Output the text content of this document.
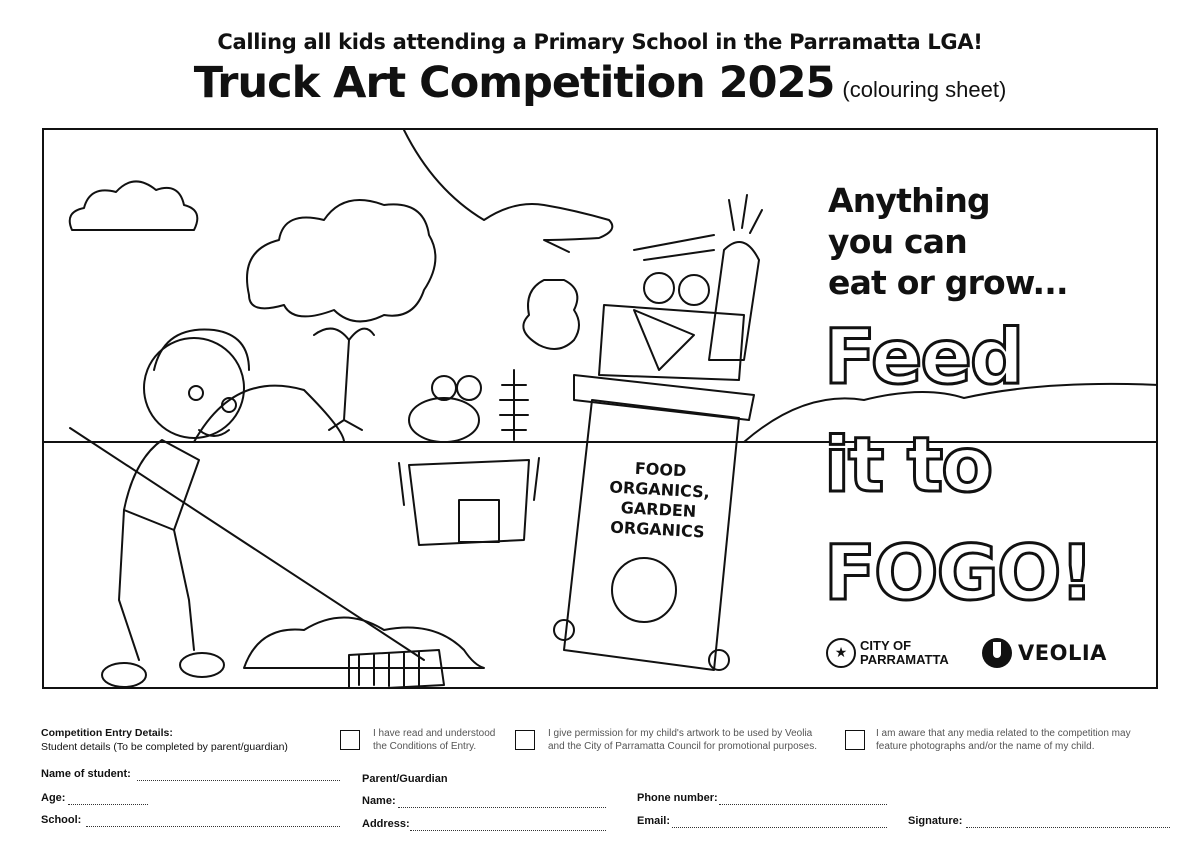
Calling all kids attending a Primary School in the Parramatta LGA!
Truck Art Competition 2025 (colouring sheet)
Anything
you can
eat or grow...
Feed
it to
FOGO!
FOOD
ORGANICS,
GARDEN
ORGANICS
★ CITY OF
PARRAMATTA	VEOLIA
Competition Entry Details:
Student details (To be completed by parent/guardian)
I have read and understood
the Conditions of Entry.
I give permission for my child's artwork to be used by Veolia
and the City of Parramatta Council for promotional purposes.
I am aware that any media related to the competition may
feature photographs and/or the name of my child.
Name of student:
Age:
School:
Parent/Guardian
Name:
Address:
Phone number:
Email:	Signature:
